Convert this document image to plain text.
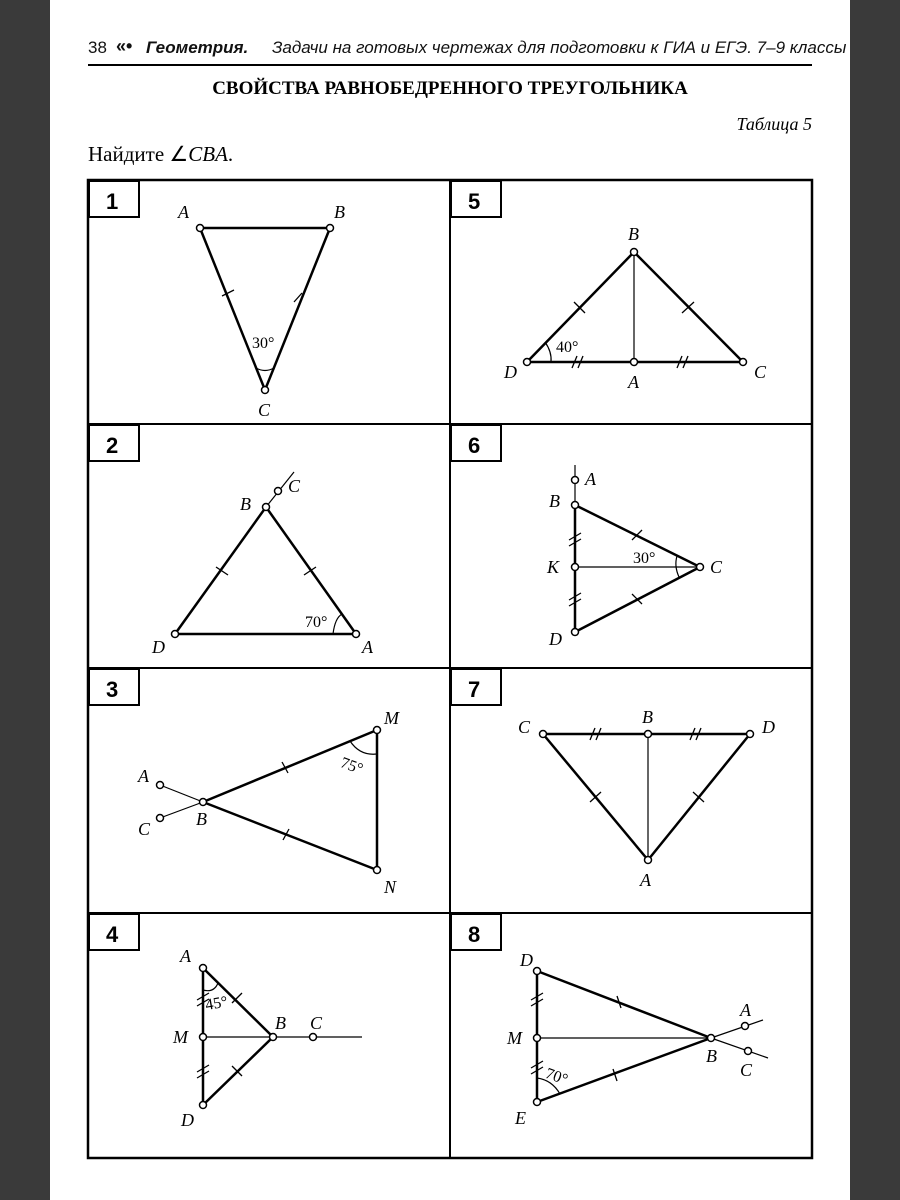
38 «• Геометрия. Задачи на готовых чертежах для подготовки к ГИА и ЕГЭ. 7–9 классы
СВОЙСТВА РАВНОБЕДРЕННОГО ТРЕУГОЛЬНИКА
Таблица 5
Найдите ∠CBA.
1	5
2	6
3	7
4	8
A	B
C
30°
B
D	A	C
40°
B
C
D	A
70°
A
B
K	C
D
30°
M
A
C	B
N
75°
C	B	D
A
A
M
B C
D
45°
D
A
M
B
C
E
70°
